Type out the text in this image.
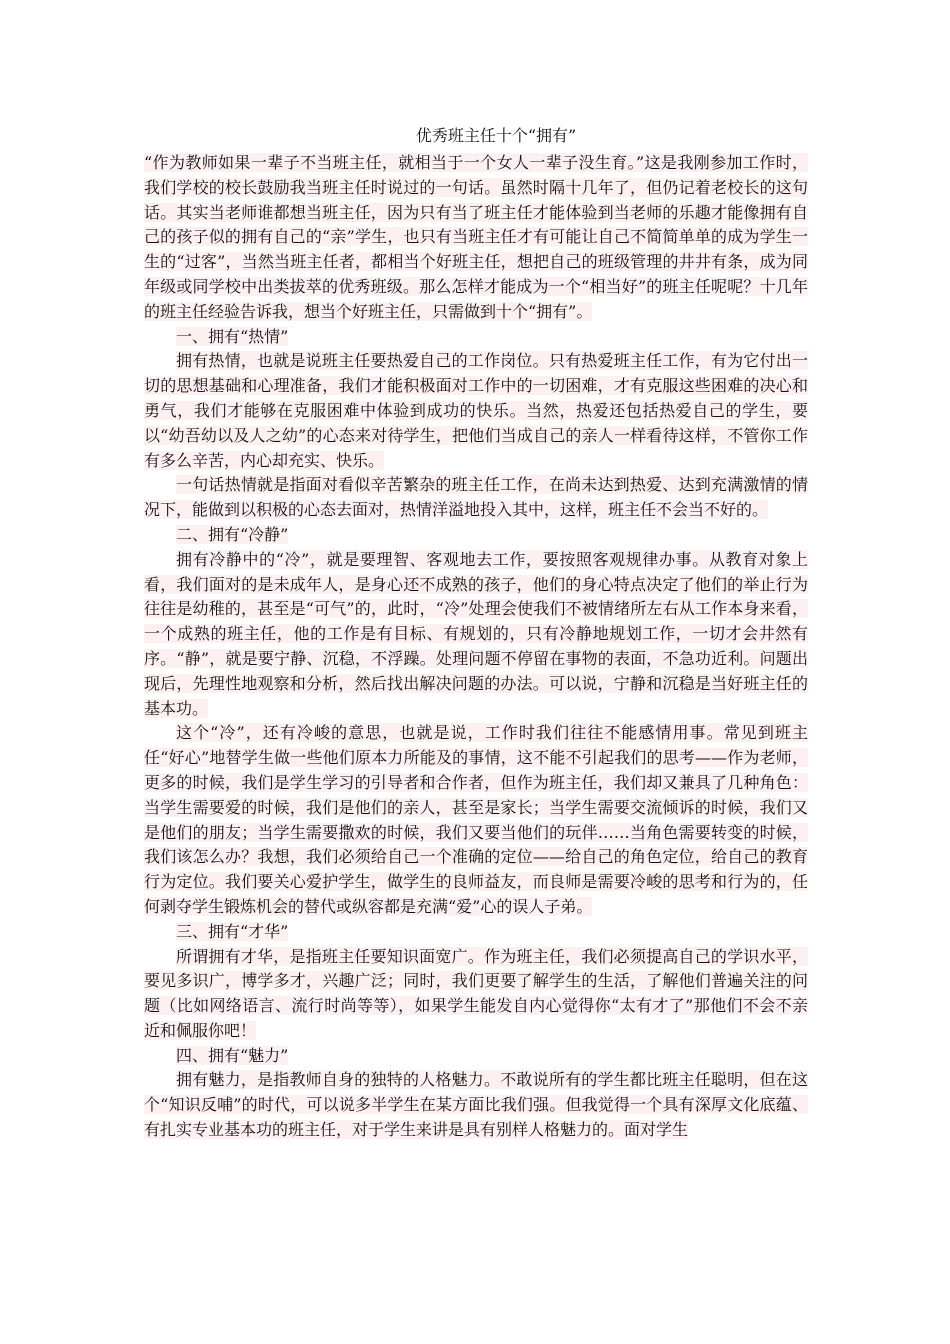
优秀班主任十个“拥有”

“作为教师如果一辈子不当班主任，就相当于一个女人一辈子没生育。”这是我刚参加工作时，我们学校的校长鼓励我当班主任时说过的一句话。虽然时隔十几年了，但仍记着老校长的这句话。其实当老师谁都想当班主任，因为只有当了班主任才能体验到当老师的乐趣才能像拥有自己的孩子似的拥有自己的“亲”学生，也只有当班主任才有可能让自己不简简单单的成为学生一生的“过客”，当然当班主任者，都相当个好班主任，想把自己的班级管理的井井有条，成为同年级或同学校中出类拔萃的优秀班级。那么怎样才能成为一个“相当好”的班主任呢呢？十几年的班主任经验告诉我，想当个好班主任，只需做到十个“拥有”。

一、拥有“热情”

拥有热情，也就是说班主任要热爱自己的工作岗位。只有热爱班主任工作，有为它付出一切的思想基础和心理准备，我们才能积极面对工作中的一切困难，才有克服这些困难的决心和勇气，我们才能够在克服困难中体验到成功的快乐。当然，热爱还包括热爱自己的学生，要以“幼吾幼以及人之幼”的心态来对待学生，把他们当成自己的亲人一样看待这样，不管你工作有多么辛苦，内心却充实、快乐。

一句话热情就是指面对看似辛苦繁杂的班主任工作，在尚未达到热爱、达到充满激情的情况下，能做到以积极的心态去面对，热情洋溢地投入其中，这样，班主任不会当不好的。

二、拥有“冷静”

拥有冷静中的“冷”，就是要理智、客观地去工作，要按照客观规律办事。从教育对象上看，我们面对的是未成年人，是身心还不成熟的孩子，他们的身心特点决定了他们的举止行为往往是幼稚的，甚至是“可气”的，此时，“冷”处理会使我们不被情绪所左右从工作本身来看，一个成熟的班主任，他的工作是有目标、有规划的，只有冷静地规划工作，一切才会井然有序。“静”，就是要宁静、沉稳，不浮躁。处理问题不停留在事物的表面，不急功近利。问题出现后，先理性地观察和分析，然后找出解决问题的办法。可以说，宁静和沉稳是当好班主任的基本功。

这个“冷”，还有冷峻的意思，也就是说，工作时我们往往不能感情用事。常见到班主任“好心”地替学生做一些他们原本力所能及的事情，这不能不引起我们的思考——作为老师，更多的时候，我们是学生学习的引导者和合作者，但作为班主任，我们却又兼具了几种角色：当学生需要爱的时候，我们是他们的亲人，甚至是家长；当学生需要交流倾诉的时候，我们又是他们的朋友；当学生需要撒欢的时候，我们又要当他们的玩伴……当角色需要转变的时候，我们该怎么办？我想，我们必须给自己一个准确的定位——给自己的角色定位，给自己的教育行为定位。我们要关心爱护学生，做学生的良师益友，而良师是需要冷峻的思考和行为的，任何剥夺学生锻炼机会的替代或纵容都是充满“爱”心的误人子弟。

三、拥有“才华”

所谓拥有才华，是指班主任要知识面宽广。作为班主任，我们必须提高自己的学识水平，要见多识广，博学多才，兴趣广泛；同时，我们更要了解学生的生活，了解他们普遍关注的问题（比如网络语言、流行时尚等等），如果学生能发自内心觉得你“太有才了”那他们不会不亲近和佩服你吧！

四、拥有“魅力”

拥有魅力，是指教师自身的独特的人格魅力。不敢说所有的学生都比班主任聪明，但在这个“知识反哺”的时代，可以说多半学生在某方面比我们强。但我觉得一个具有深厚文化底蕴、有扎实专业基本功的班主任，对于学生来讲是具有别样人格魅力的。面对学生
